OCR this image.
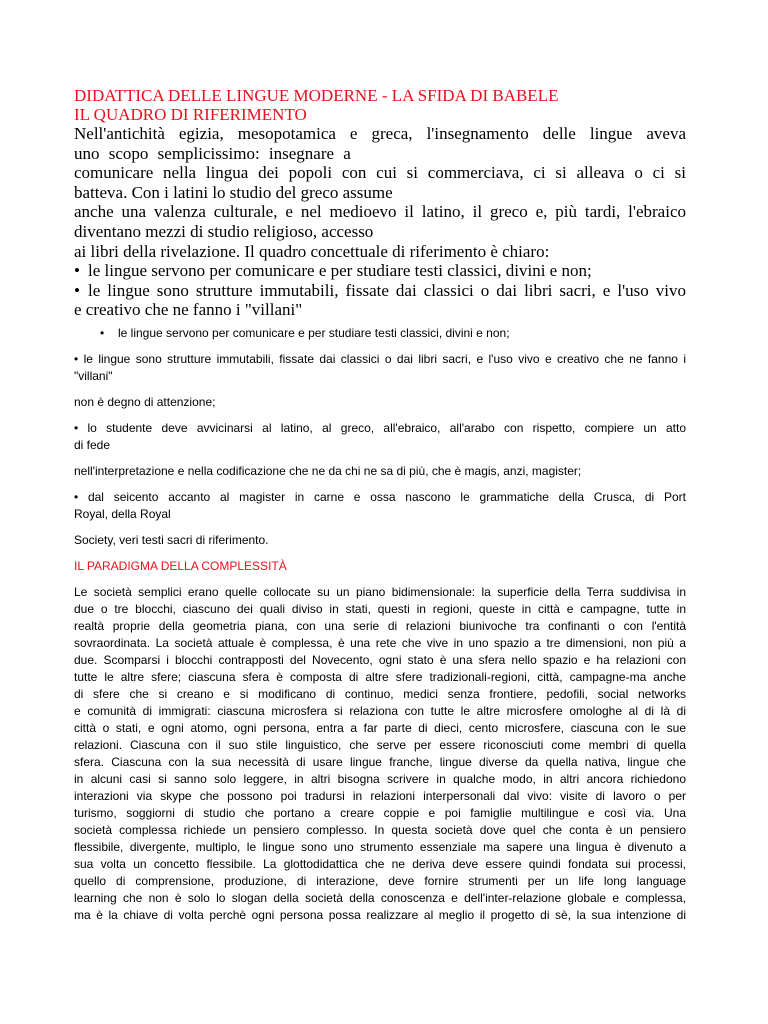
DIDATTICA DELLE LINGUE MODERNE - LA SFIDA DI BABELE

IL QUADRO DI RIFERIMENTO

Nell'antichità egizia, mesopotamica e greca, l'insegnamento delle lingue aveva

uno scopo semplicissimo: insegnare a

comunicare nella lingua dei popoli con cui si commerciava, ci si alleava o ci si

batteva. Con i latini lo studio del greco assume

anche una valenza culturale, e nel medioevo il latino, il greco e, più tardi, l'ebraico

diventano mezzi di studio religioso, accesso

ai libri della rivelazione. Il quadro concettuale di riferimento è chiaro:

• le lingue servono per comunicare e per studiare testi classici, divini e non;

• le lingue sono strutture immutabili, fissate dai classici o dai libri sacri, e l'uso vivo

e creativo che ne fanno i "villani"

•	le lingue servono per comunicare e per studiare testi classici, divini e non;

• le lingue sono strutture immutabili, fissate dai classici o dai libri sacri, e l'uso vivo e creativo che ne fanno i

"villani"

non è degno di attenzione;

• lo studente deve avvicinarsi al latino, al greco, all'ebraico, all'arabo con rispetto, compiere un atto

di fede

nell'interpretazione e nella codificazione che ne da chi ne sa di più, che è magis, anzi, magister;

• dal seicento accanto al magister in carne e ossa nascono le grammatiche della Crusca, di Port

Royal, della Royal

Society, veri testi sacri di riferimento.

IL PARADIGMA DELLA COMPLESSITÀ

Le società semplici erano quelle collocate su un piano bidimensionale: la superficie della Terra suddivisa in

due o tre blocchi, ciascuno dei quali diviso in stati, questi in regioni, queste in città e campagne, tutte in

realtà proprie della geometria piana, con una serie di relazioni biunivoche tra confinanti o con l'entità

sovraordinata. La società attuale è complessa, è una rete che vive in uno spazio a tre dimensioni, non più a

due. Scomparsi i blocchi contrapposti del Novecento, ogni stato è una sfera nello spazio e ha relazioni con

tutte le altre sfere; ciascuna sfera è composta di altre sfere tradizionali-regioni, città, campagne-ma anche

di sfere che si creano e si modificano di continuo, medici senza frontiere, pedofili, social networks

e comunità di immigrati: ciascuna microsfera si relaziona con tutte le altre microsfere omologhe al di là di

città o stati, e ogni atomo, ogni persona, entra a far parte di dieci, cento microsfere, ciascuna con le sue

relazioni. Ciascuna con il suo stile linguistico, che serve per essere riconosciuti come membri di quella

sfera. Ciascuna con la sua necessità di usare lingue franche, lingue diverse da quella nativa, lingue che

in alcuni casi si sanno solo leggere, in altri bisogna scrivere in qualche modo, in altri ancora richiedono

interazioni via skype che possono poi tradursi in relazioni interpersonali dal vivo: visite di lavoro o per

turismo, soggiorni di studio che portano a creare coppie e poi famiglie multilingue e così via. Una

società complessa richiede un pensiero complesso. In questa società dove quel che conta è un pensiero

flessibile, divergente, multiplo, le lingue sono uno strumento essenziale ma sapere una lingua è divenuto a

sua volta un concetto flessibile. La glottodidattica che ne deriva deve essere quindi fondata sui processi,

quello di comprensione, produzione, di interazione, deve fornire strumenti per un life long language

learning che non è solo lo slogan della società della conoscenza e dell'inter-relazione globale e complessa,

ma è la chiave di volta perchè ogni persona possa realizzare al meglio il progetto di sè, la sua intenzione di
